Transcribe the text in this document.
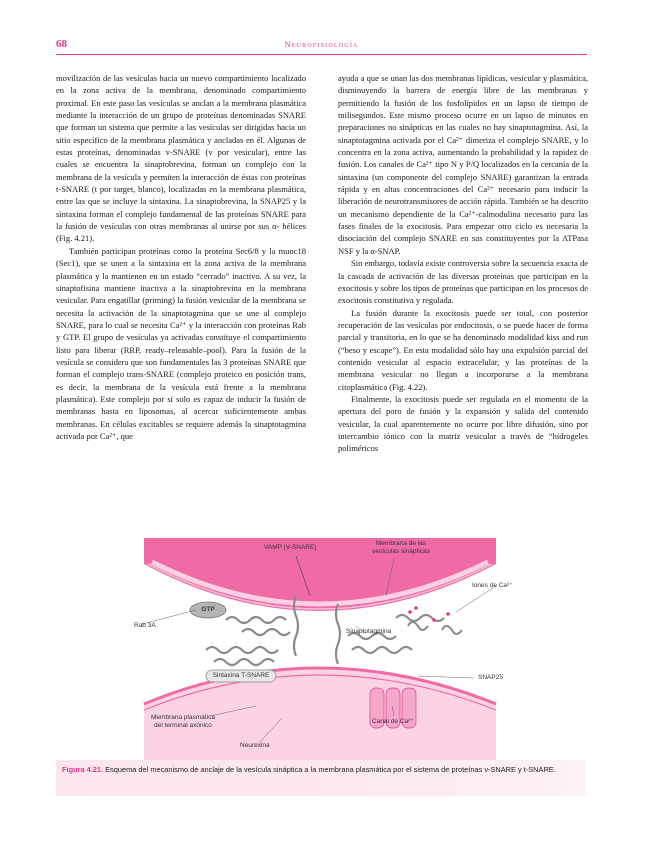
68	Neurofisiología

movilización de las vesículas hacia un nuevo compartimiento localizado en la zona activa de la membrana, denominado compartimiento proximal. En este paso las vesículas se anclan a la membrana plasmática mediante la interacción de un grupo de proteínas denominadas SNARE que forman un sistema que permite a las vesículas ser dirigidas hacia un sitio específico de la membrana plasmática y ancladas en él. Algunas de estas proteínas, denominadas v-SNARE (v por vesicular), entre las cuales se encuentra la sinaptobrevina, forman un complejo con la membrana de la vesícula y permiten la interacción de éstas con proteínas t-SNARE (t por target, blanco), localizadas en la membrana plasmática, entre las que se incluye la sintaxina. La sinaptobrevina, la SNAP25 y la sintaxina forman el complejo fundamental de las proteínas SNARE para la fusión de vesículas con otras membranas al unirse por sus α- hélices (Fig. 4.21).

También participan proteínas como la proteína Sec6/8 y la munc18 (Sec1), que se unen a la sintaxina en la zona activa de la membrana plasmática y la mantienen en un estado “cerrado” inactivo. A su vez, la sinaptofisina mantiene inactiva a la sinaptobrevina en la membrana vesicular. Para engatillar (priming) la fusión vesicular de la membrana se necesita la activación de la sinaptotagmina que se une al complejo SNARE, para lo cual se necesita Ca²⁺ y la interacción con proteínas Rab y GTP. El grupo de vesículas ya activadas constituye el compartimiento listo para liberar (RRP, ready–releasable–pool). Para la fusión de la vesícula se considera que son fundamentales las 3 proteínas SNARE que forman el complejo trans-SNARE (complejo proteico en posición trans, es decir, la membrana de la vesícula está frente a la membrana plasmática). Este complejo por sí solo es capaz de inducir la fusión de membranas hasta en liposomas, al acercar suficientemente ambas membranas. En células excitables se requiere además la sinaptotagmina activada por Ca²⁺, que

ayuda a que se unan las dos membranas lipídicas, vesicular y plasmática, disminuyendo la barrera de energía libre de las membranas y permitiendo la fusión de los fosfolípidos en un lapso de tiempo de milisegundos. Este mismo proceso ocurre en un lapso de minutos en preparaciones no sinápticas en las cuales no hay sinaptotagmina. Así, la sinaptotagmina activada por el Ca²⁺ dimeriza el complejo SNARE, y lo concentra en la zona activa, aumentando la probabilidad y la rapidez de fusión. Los canales de Ca²⁺ tipo N y P/Q localizados en la cercanía de la sintaxina (un componente del complejo SNARE) garantizan la entrada rápida y en altas concentraciones del Ca²⁺ necesario para inducir la liberación de neurotransmisores de acción rápida. También se ha descrito un mecanismo dependiente de la Ca²⁺-calmodulina necesario para las fases finales de la exocitosis. Para empezar otro ciclo es necesaria la disociación del complejo SNARE en sus constituyentes por la ATPasa NSF y la α-SNAP.

Sin embargo, todavía existe controversia sobre la secuencia exacta de la cascada de activación de las diversas proteínas que participan en la exocitosis y sobre los tipos de proteínas que participan en los procesos de exocitosis constitutiva y regulada.

La fusión durante la exocitosis puede ser total, con posterior recuperación de las vesículas por endocitosis, o se puede hacer de forma parcial y transitoria, en lo que se ha denominado modalidad kiss and run (“beso y escape”). En esta modalidad sólo hay una expulsión parcial del contenido vesicular al espacio extracelular, y las proteínas de la membrana vesicular no llegan a incorporarse a la membrana citoplasmática (Fig. 4.22).

Finalmente, la exocitosis puede ser regulada en el momento de la apertura del poro de fusión y la expansión y salida del contenido vesicular, la cual aparentemente no ocurre por libre difusión, sino por intercambio iónico con la matriz vesicular a través de “hidrogeles poliméricos

VAMP (V-SNARE)
Membrana de las
vesículas sinápticas
Iones de Ca²⁺
GTP
Rab 3A
Sinaptotagmina
Sintaxina T-SNARE	SNAP25
Membrana plasmática
del terminal axónico
Canal de Ca²⁺
Neurexina
Figura 4.21. Esquema del mecanismo de anclaje de la vesícula sináptica a la membrana plasmática por el sistema de proteínas v-SNARE y t-SNARE.
